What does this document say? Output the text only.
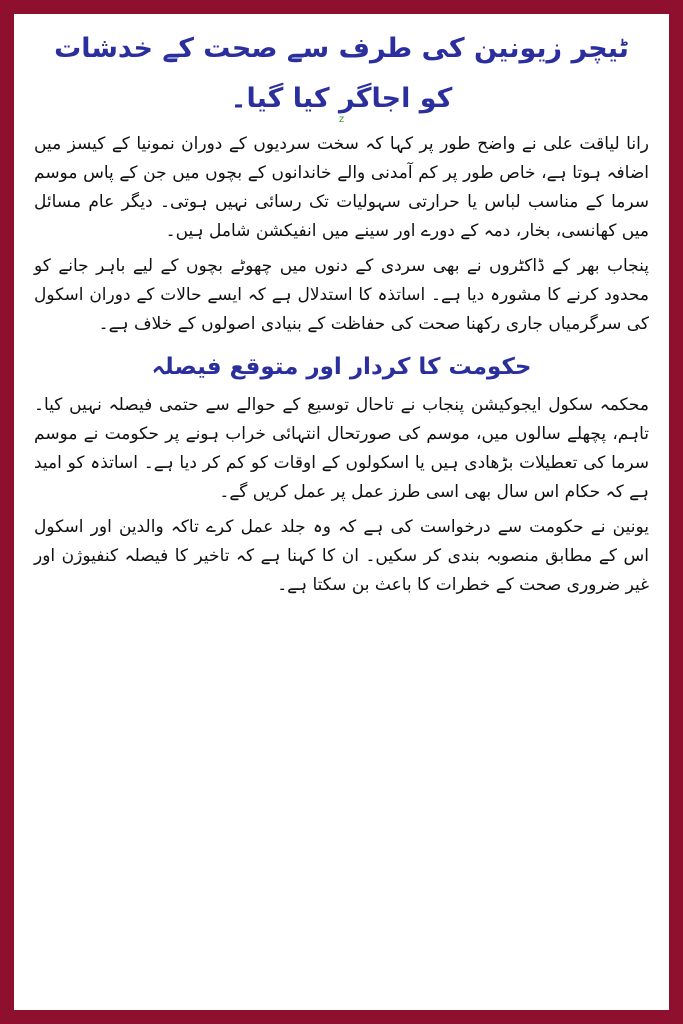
ٹیچر زیونین کی طرف سے صحت کے خدشات کو اجاگر کیا گیا۔
z

رانا لیاقت علی نے واضح طور پر کہا کہ سخت سردیوں کے دوران نمونیا کے کیسز میں اضافہ ہوتا ہے، خاص طور پر کم آمدنی والے خاندانوں کے بچوں میں جن کے پاس موسم سرما کے مناسب لباس یا حرارتی سہولیات تک رسائی نہیں ہوتی۔ دیگر عام مسائل میں کھانسی، بخار، دمہ کے دورے اور سینے میں انفیکشن شامل ہیں۔

پنجاب بھر کے ڈاکٹروں نے بھی سردی کے دنوں میں چھوٹے بچوں کے لیے باہر جانے کو محدود کرنے کا مشورہ دیا ہے۔ اساتذہ کا استدلال ہے کہ ایسے حالات کے دوران اسکول کی سرگرمیاں جاری رکھنا صحت کی حفاظت کے بنیادی اصولوں کے خلاف ہے۔

حکومت کا کردار اور متوقع فیصلہ

محکمہ سکول ایجوکیشن پنجاب نے تاحال توسیع کے حوالے سے حتمی فیصلہ نہیں کیا۔ تاہم، پچھلے سالوں میں، موسم کی صورتحال انتہائی خراب ہونے پر حکومت نے موسم سرما کی تعطیلات بڑھادی ہیں یا اسکولوں کے اوقات کو کم کر دیا ہے۔ اساتذہ کو امید ہے کہ حکام اس سال بھی اسی طرز عمل پر عمل کریں گے۔

یونین نے حکومت سے درخواست کی ہے کہ وہ جلد عمل کرے تاکہ والدین اور اسکول اس کے مطابق منصوبہ بندی کر سکیں۔ ان کا کہنا ہے کہ تاخیر کا فیصلہ کنفیوژن اور غیر ضروری صحت کے خطرات کا باعث بن سکتا ہے۔
